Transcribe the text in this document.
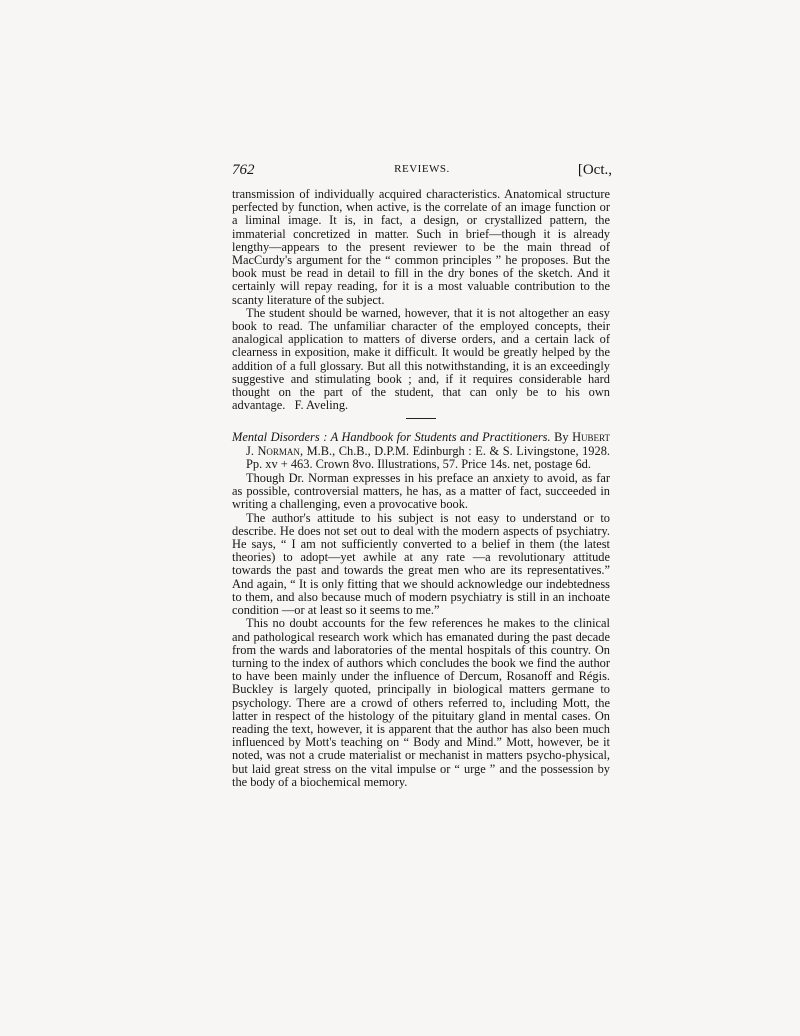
762	REVIEWS.	[Oct.,

transmission of individually acquired characteristics. Anatomical structure perfected by function, when active, is the correlate of an image function or a liminal image. It is, in fact, a design, or crystallized pattern, the immaterial concretized in matter. Such in brief—though it is already lengthy—appears to the present reviewer to be the main thread of MacCurdy's argument for the “ common principles ” he proposes. But the book must be read in detail to fill in the dry bones of the sketch. And it certainly will repay reading, for it is a most valuable contribution to the scanty literature of the subject.

The student should be warned, however, that it is not altogether an easy book to read. The unfamiliar character of the employed concepts, their analogical application to matters of diverse orders, and a certain lack of clearness in exposition, make it difficult. It would be greatly helped by the addition of a full glossary. But all this notwithstanding, it is an exceedingly suggestive and stimulating book ; and, if it requires considerable hard thought on the part of the student, that can only be to his own advantage. F. Aveling.

Mental Disorders : A Handbook for Students and Practitioners. By Hubert J. Norman, M.B., Ch.B., D.P.M. Edinburgh : E. & S. Livingstone, 1928. Pp. xv + 463. Crown 8vo. Illustrations, 57. Price 14s. net, postage 6d.

Though Dr. Norman expresses in his preface an anxiety to avoid, as far as possible, controversial matters, he has, as a matter of fact, succeeded in writing a challenging, even a provocative book.

The author's attitude to his subject is not easy to understand or to describe. He does not set out to deal with the modern aspects of psychiatry. He says, “ I am not sufficiently converted to a belief in them (the latest theories) to adopt—yet awhile at any rate —a revolutionary attitude towards the past and towards the great men who are its representatives.” And again, “ It is only fitting that we should acknowledge our indebtedness to them, and also because much of modern psychiatry is still in an inchoate condition —or at least so it seems to me.”

This no doubt accounts for the few references he makes to the clinical and pathological research work which has emanated during the past decade from the wards and laboratories of the mental hospitals of this country. On turning to the index of authors which concludes the book we find the author to have been mainly under the influence of Dercum, Rosanoff and Régis. Buckley is largely quoted, principally in biological matters germane to psychology. There are a crowd of others referred to, including Mott, the latter in respect of the histology of the pituitary gland in mental cases. On reading the text, however, it is apparent that the author has also been much influenced by Mott's teaching on “ Body and Mind.” Mott, however, be it noted, was not a crude materialist or mechanist in matters psycho-physical, but laid great stress on the vital impulse or “ urge ” and the possession by the body of a biochemical memory.
